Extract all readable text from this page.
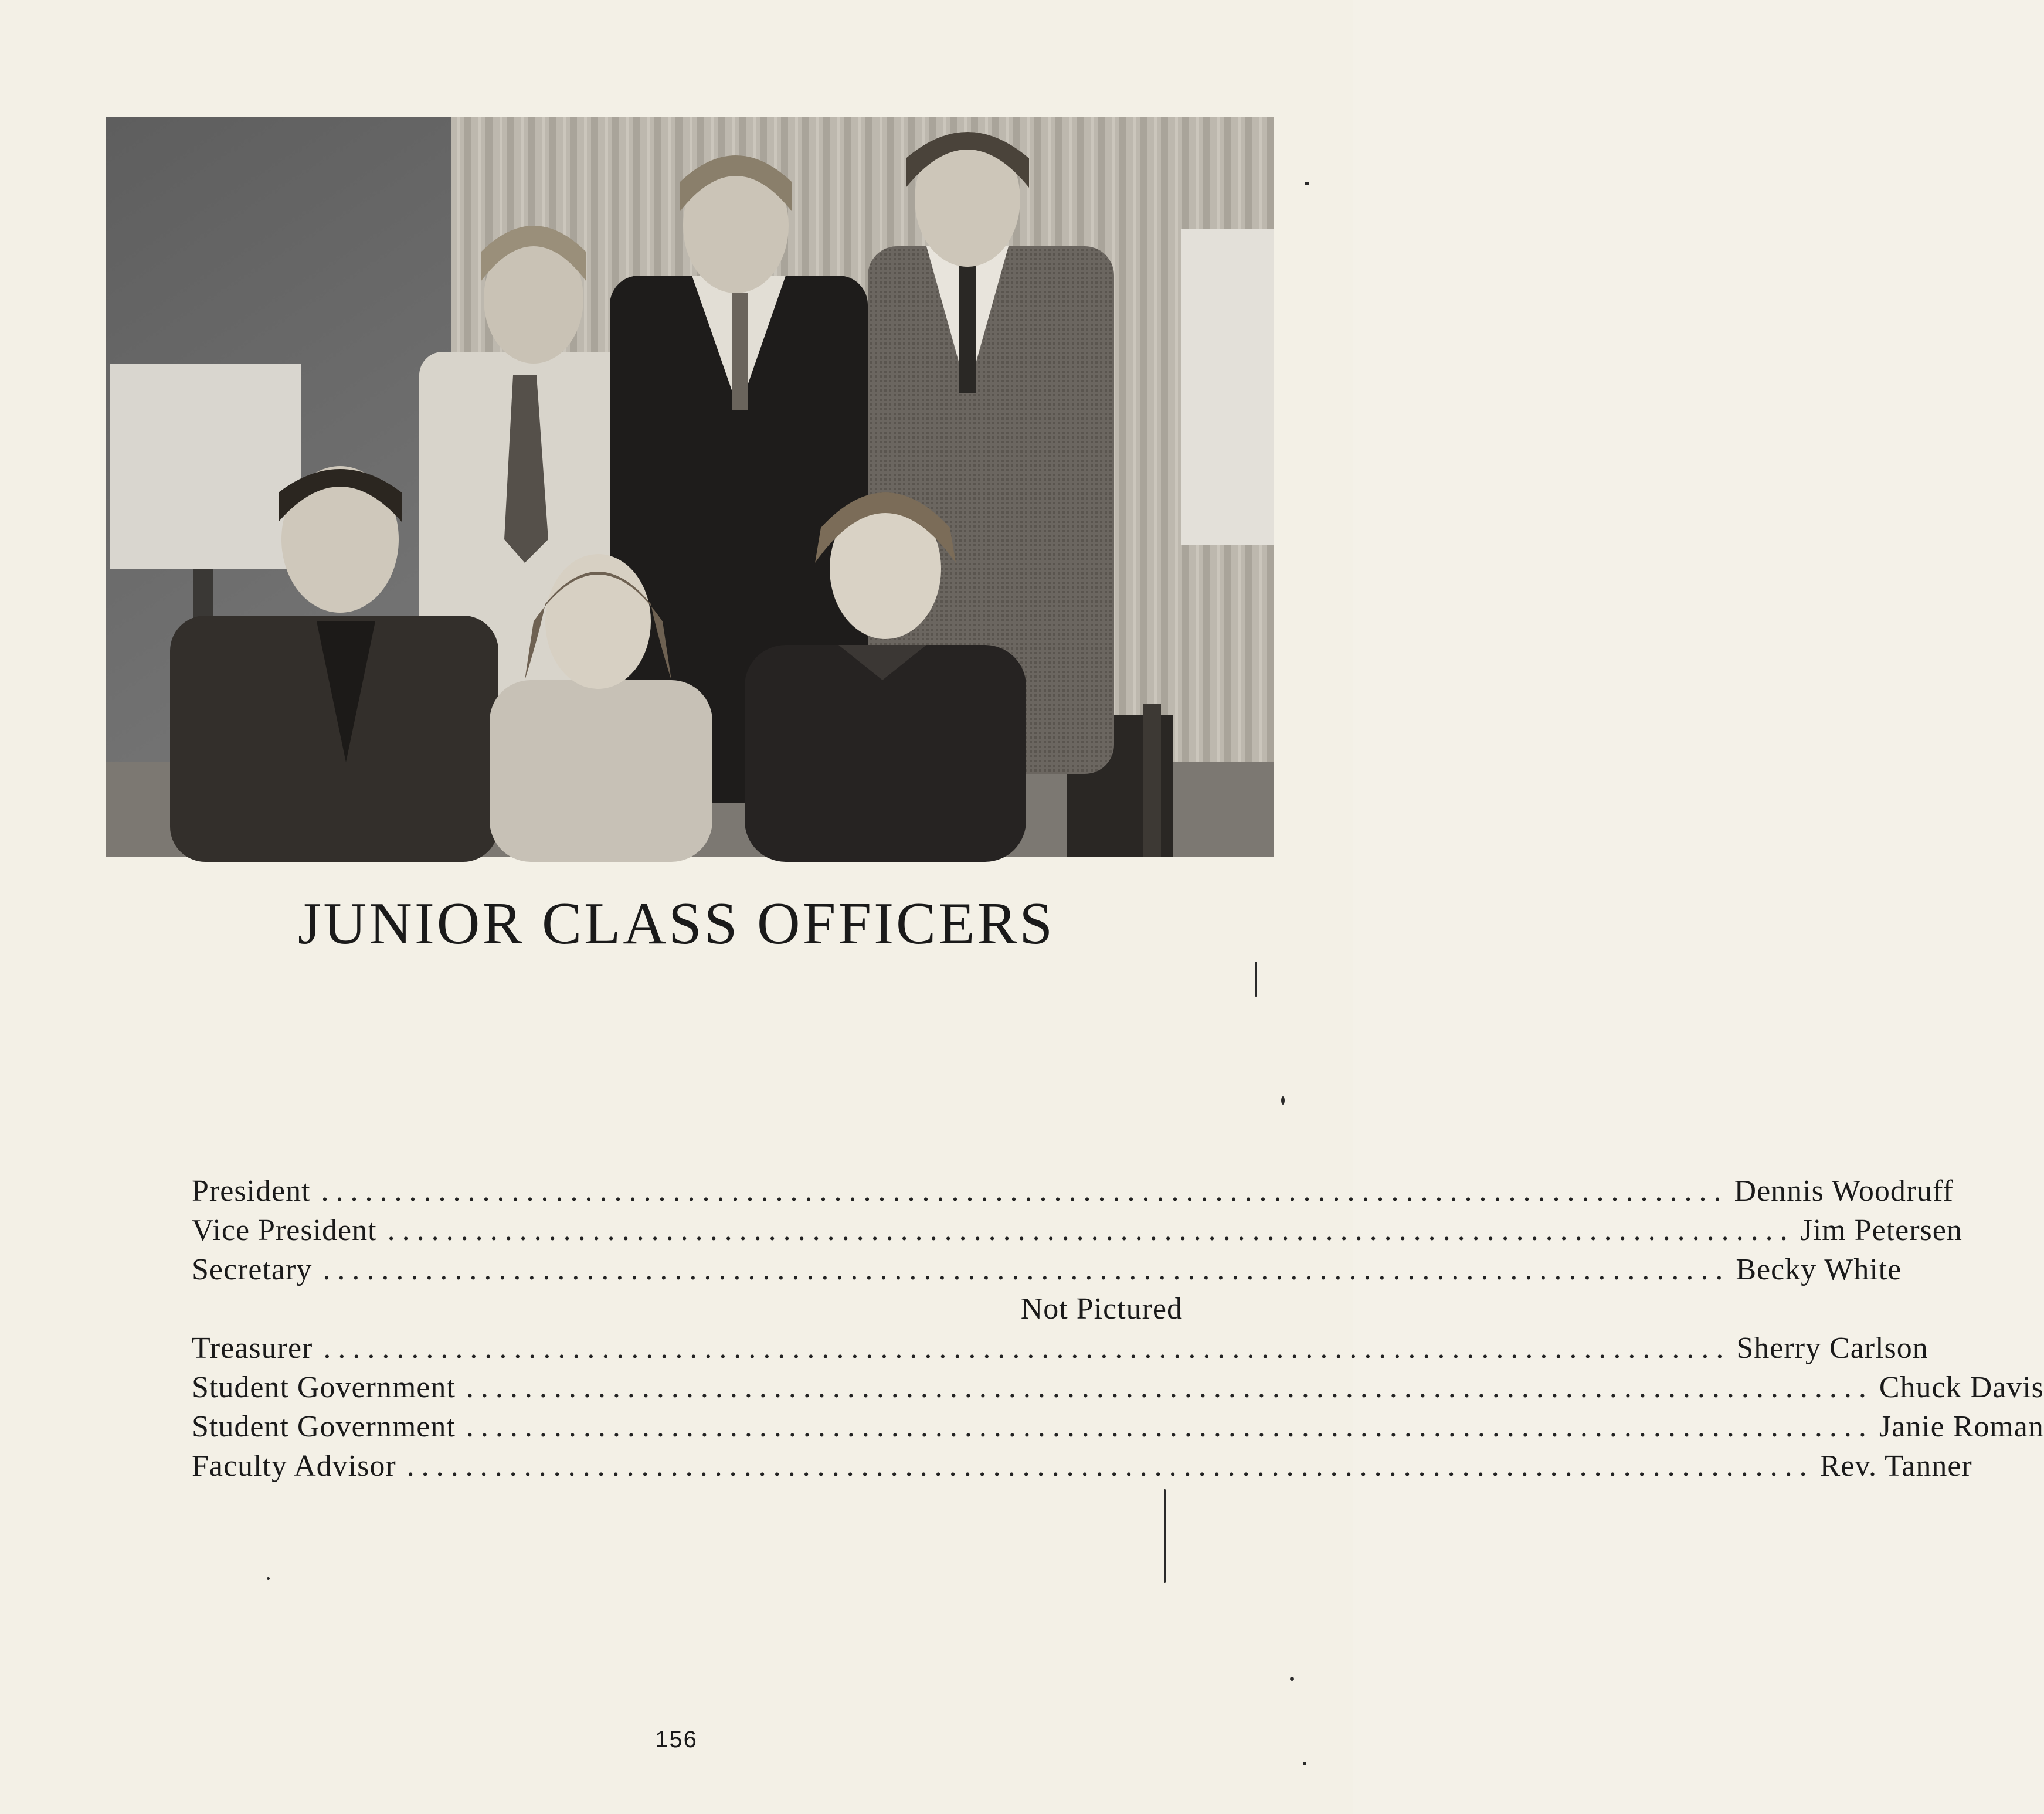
JUNIOR CLASS OFFICERS
President ................................................................................................ Dennis Woodruff
Vice President ................................................................................................ Jim Petersen
Secretary ................................................................................................ Becky White
Not Pictured
Treasurer ................................................................................................ Sherry Carlson
Student Government ................................................................................................ Chuck Davis
Student Government ................................................................................................ Janie Roman
Faculty Advisor ................................................................................................ Rev. Tanner
156
